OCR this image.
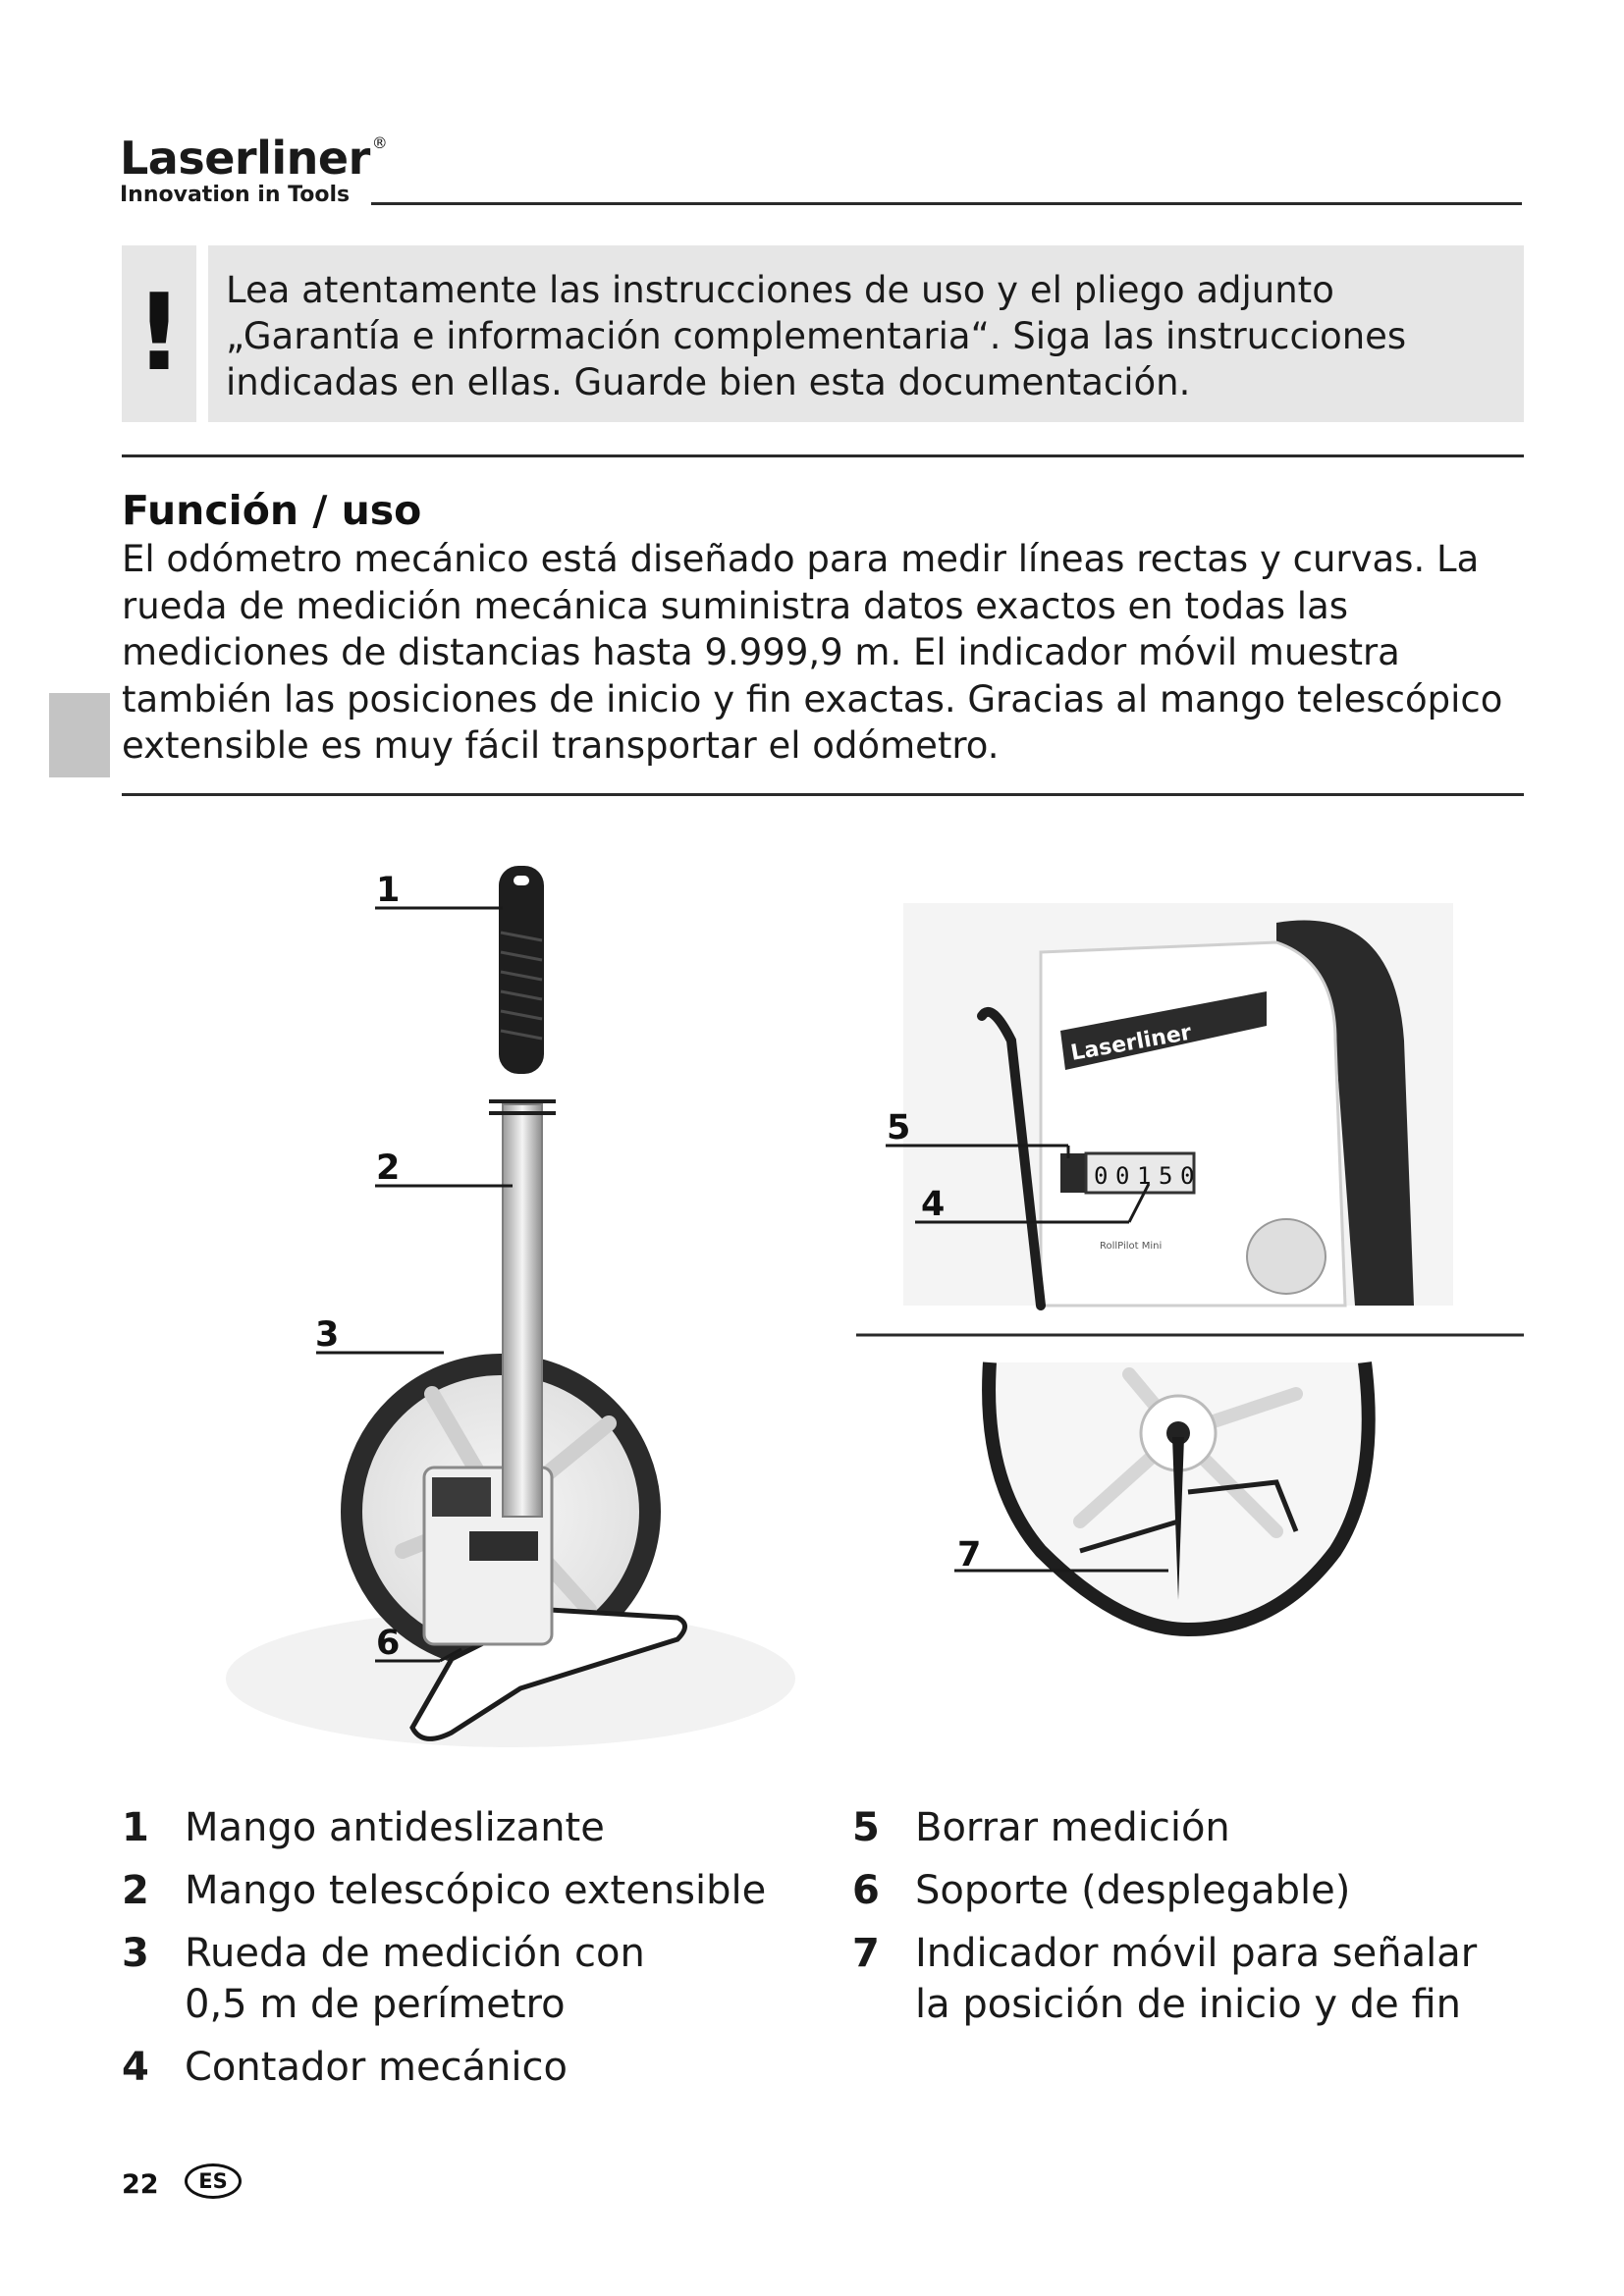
Laserliner ®
Innovation in Tools
!	Lea atentamente las instrucciones de uso y el pliego adjunto „Garantía e información complementaria“. Siga las instrucciones indicadas en ellas. Guarde bien esta documentación.
Función / uso
El odómetro mecánico está diseñado para medir líneas rectas y curvas. La rueda de medición mecánica suministra datos exactos en todas las mediciones de distancias hasta 9.999,9 m. El indicador móvil muestra también las posiciones de inicio y fin exactas. Gracias al mango telescópico extensible es muy fácil transportar el odómetro.
Laserliner
0 0 1 5 0
RollPilot Mini
1
2
3
4
5
6
7
1 Mango antideslizante
2 Mango telescópico extensible
3 Rueda de medición con
0,5 m de perímetro
4 Contador mecánico
5 Borrar medición
6 Soporte (desplegable)
7 Indicador móvil para señalar
la posición de inicio y de fin
22	ES
